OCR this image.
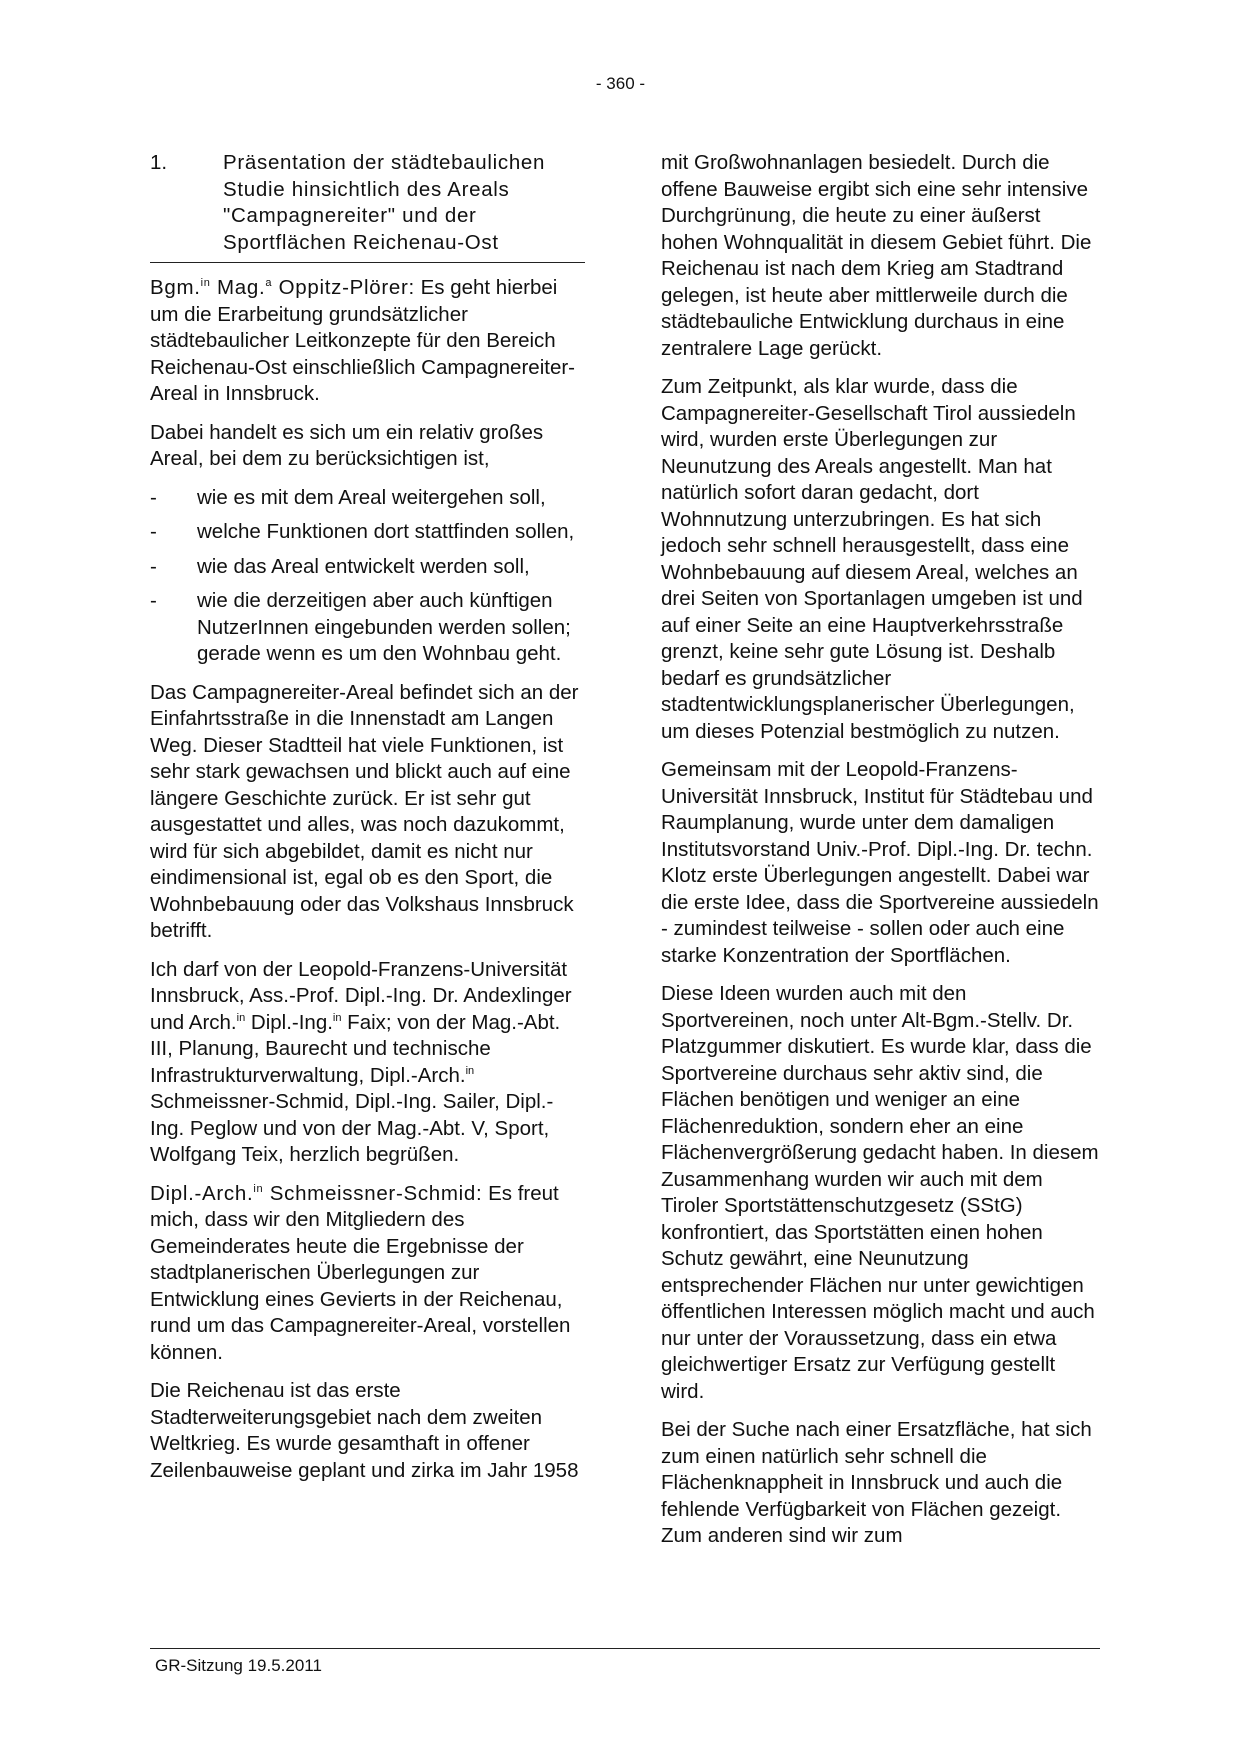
- 360 -
1.	Präsentation der städtebaulichen Studie hinsichtlich des Areals "Campagnereiter" und der Sportflächen Reichenau-Ost

Bgm.$^{in}$ Mag.$^a$ Oppitz-Plörer: Es geht hierbei um die Erarbeitung grundsätzlicher städtebaulicher Leitkonzepte für den Bereich Reichenau-Ost einschließlich Campagnereiter-Areal in Innsbruck.

Dabei handelt es sich um ein relativ großes Areal, bei dem zu berücksichtigen ist,

-	wie es mit dem Areal weitergehen soll,
-	welche Funktionen dort stattfinden sollen,
-	wie das Areal entwickelt werden soll,
-	wie die derzeitigen aber auch künftigen NutzerInnen eingebunden werden sollen; gerade wenn es um den Wohnbau geht.

Das Campagnereiter-Areal befindet sich an der Einfahrtsstraße in die Innenstadt am Langen Weg. Dieser Stadtteil hat viele Funktionen, ist sehr stark gewachsen und blickt auch auf eine längere Geschichte zurück. Er ist sehr gut ausgestattet und alles, was noch dazukommt, wird für sich abgebildet, damit es nicht nur eindimensional ist, egal ob es den Sport, die Wohnbebauung oder das Volkshaus Innsbruck betrifft.

Ich darf von der Leopold-Franzens-Universität Innsbruck, Ass.-Prof. Dipl.-Ing. Dr. Andexlinger und Arch.$^{in}$ Dipl.-Ing.$^{in}$ Faix; von der Mag.-Abt. III, Planung, Baurecht und technische Infrastrukturverwaltung, Dipl.-Arch.$^{in}$ Schmeissner-Schmid, Dipl.-Ing. Sailer, Dipl.-Ing. Peglow und von der Mag.-Abt. V, Sport, Wolfgang Teix, herzlich begrüßen.

Dipl.-Arch.$^{in}$ Schmeissner-Schmid: Es freut mich, dass wir den Mitgliedern des Gemeinderates heute die Ergebnisse der stadtplanerischen Überlegungen zur Entwicklung eines Gevierts in der Reichenau, rund um das Campagnereiter-Areal, vorstellen können.

Die Reichenau ist das erste Stadterweiterungsgebiet nach dem zweiten Weltkrieg. Es wurde gesamthaft in offener Zeilenbauweise geplant und zirka im Jahr 1958

mit Großwohnanlagen besiedelt. Durch die offene Bauweise ergibt sich eine sehr intensive Durchgrünung, die heute zu einer äußerst hohen Wohnqualität in diesem Gebiet führt. Die Reichenau ist nach dem Krieg am Stadtrand gelegen, ist heute aber mittlerweile durch die städtebauliche Entwicklung durchaus in eine zentralere Lage gerückt.

Zum Zeitpunkt, als klar wurde, dass die Campagnereiter-Gesellschaft Tirol aussiedeln wird, wurden erste Überlegungen zur Neunutzung des Areals angestellt. Man hat natürlich sofort daran gedacht, dort Wohnnutzung unterzubringen. Es hat sich jedoch sehr schnell herausgestellt, dass eine Wohnbebauung auf diesem Areal, welches an drei Seiten von Sportanlagen umgeben ist und auf einer Seite an eine Hauptverkehrsstraße grenzt, keine sehr gute Lösung ist. Deshalb bedarf es grundsätzlicher stadtentwicklungsplanerischer Überlegungen, um dieses Potenzial bestmöglich zu nutzen.

Gemeinsam mit der Leopold-Franzens-Universität Innsbruck, Institut für Städtebau und Raumplanung, wurde unter dem damaligen Institutsvorstand Univ.-Prof. Dipl.-Ing. Dr. techn. Klotz erste Überlegungen angestellt. Dabei war die erste Idee, dass die Sportvereine aussiedeln - zumindest teilweise - sollen oder auch eine starke Konzentration der Sportflächen.

Diese Ideen wurden auch mit den Sportvereinen, noch unter Alt-Bgm.-Stellv. Dr. Platzgummer diskutiert. Es wurde klar, dass die Sportvereine durchaus sehr aktiv sind, die Flächen benötigen und weniger an eine Flächenreduktion, sondern eher an eine Flächenvergrößerung gedacht haben. In diesem Zusammenhang wurden wir auch mit dem Tiroler Sportstättenschutzgesetz (SStG) konfrontiert, das Sportstätten einen hohen Schutz gewährt, eine Neunutzung entsprechender Flächen nur unter gewichtigen öffentlichen Interessen möglich macht und auch nur unter der Voraussetzung, dass ein etwa gleichwertiger Ersatz zur Verfügung gestellt wird.

Bei der Suche nach einer Ersatzfläche, hat sich zum einen natürlich sehr schnell die Flächenknappheit in Innsbruck und auch die fehlende Verfügbarkeit von Flächen gezeigt. Zum anderen sind wir zum

GR-Sitzung 19.5.2011
